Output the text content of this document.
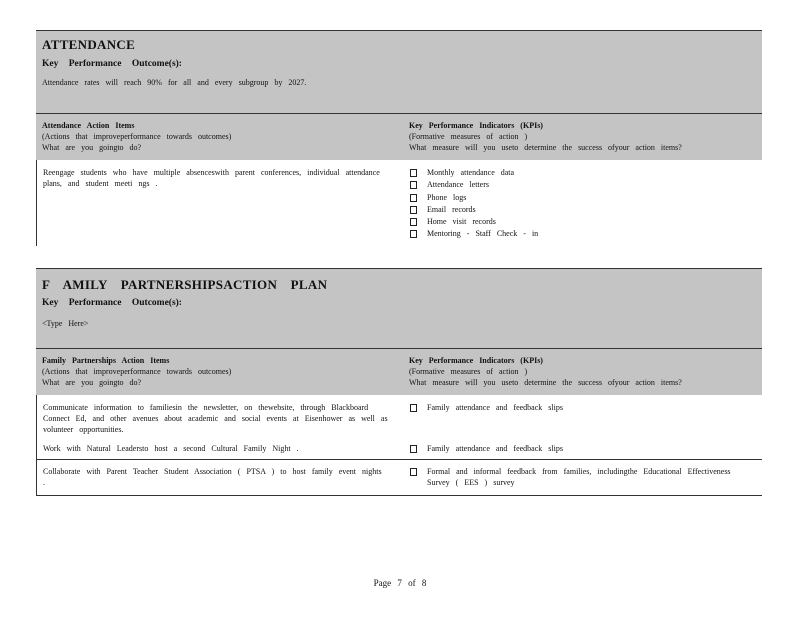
ATTENDANCE
Key Performance Outcome(s):
Attendance rates will reach 90% for all and every subgroup by 2027.
Attendance Action Items
(Actions that improveperformance towards outcomes)
What are you goingto do?
Key Performance Indicators (KPIs)
(Formative measures of action )
What measure will you useto determine the success ofyour action items?
Reengage students who have multiple absenceswith parent conferences, individual attendance plans, and student meeti ngs .
Monthly attendance data
Attendance letters
Phone logs
Email records
Home visit records
Mentoring - Staff Check - in
F AMILY PARTNERSHIPSACTION PLAN
Key Performance Outcome(s):
<Type Here>
Family Partnerships Action Items
(Actions that improveperformance towards outcomes)
What are you goingto do?
Key Performance Indicators (KPIs)
(Formative measures of action )
What measure will you useto determine the success ofyour action items?
Communicate information to familiesin the newsletter, on thewebsite, through Blackboard Connect Ed, and other avenues about academic and social events at Eisenhower as well as volunteer opportunities.
Family attendance and feedback slips
Work with Natural Leadersto host a second Cultural Family Night .	Family attendance and feedback slips
Collaborate with Parent Teacher Student Association ( PTSA ) to host family event nights .
Formal and informal feedback from families, includingthe Educational Effectiveness Survey ( EES ) survey
Page 7 of 8
